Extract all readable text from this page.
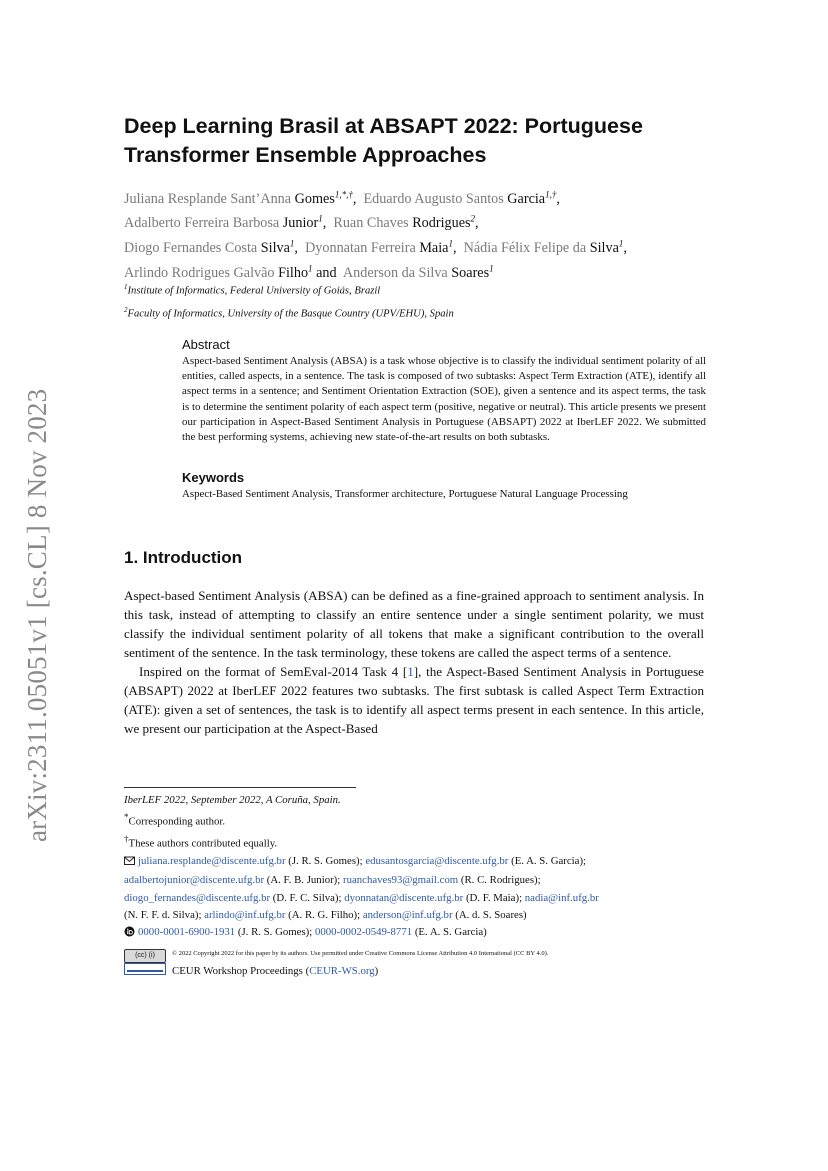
arXiv:2311.05051v1 [cs.CL] 8 Nov 2023
Deep Learning Brasil at ABSAPT 2022: Portuguese Transformer Ensemble Approaches
Juliana Resplande Sant’Anna Gomes$^{1,*,\dagger}$, Eduardo Augusto Santos Garcia$^{1,\dagger}$,
Adalberto Ferreira Barbosa Junior$^1$, Ruan Chaves Rodrigues$^2$,
Diogo Fernandes Costa Silva$^1$, Dyonnatan Ferreira Maia$^1$, Nádia Félix Felipe da Silva$^1$,
Arlindo Rodrigues Galvão Filho$^1$ and Anderson da Silva Soares$^1$
$^1$Institute of Informatics, Federal University of Goiás, Brazil
$^2$Faculty of Informatics, University of the Basque Country (UPV/EHU), Spain
Abstract

Aspect-based Sentiment Analysis (ABSA) is a task whose objective is to classify the individual sentiment polarity of all entities, called aspects, in a sentence. The task is composed of two subtasks: Aspect Term Extraction (ATE), identify all aspect terms in a sentence; and Sentiment Orientation Extraction (SOE), given a sentence and its aspect terms, the task is to determine the sentiment polarity of each aspect term (positive, negative or neutral). This article presents we present our participation in Aspect-Based Sentiment Analysis in Portuguese (ABSAPT) 2022 at IberLEF 2022. We submitted the best performing systems, achieving new state-of-the-art results on both subtasks.

Keywords

Aspect-Based Sentiment Analysis, Transformer architecture, Portuguese Natural Language Processing

1. Introduction

Aspect-based Sentiment Analysis (ABSA) can be defined as a fine-grained approach to sentiment analysis. In this task, instead of attempting to classify an entire sentence under a single sentiment polarity, we must classify the individual sentiment polarity of all tokens that make a significant contribution to the overall sentiment of the sentence. In the task terminology, these tokens are called the aspect terms of a sentence.

Inspired on the format of SemEval-2014 Task 4 [1], the Aspect-Based Sentiment Analysis in Portuguese (ABSAPT) 2022 at IberLEF 2022 features two subtasks. The first subtask is called Aspect Term Extraction (ATE): given a set of sentences, the task is to identify all aspect terms present in each sentence. In this article, we present our participation at the Aspect-Based

IberLEF 2022, September 2022, A Coruña, Spain.
*Corresponding author.
†These authors contributed equally.
juliana.resplande@discente.ufg.br (J. R. S. Gomes); edusantosgarcia@discente.ufg.br (E. A. S. Garcia);
adalbertojunior@discente.ufg.br (A. F. B. Junior); ruanchaves93@gmail.com (R. C. Rodrigues);
diogo_fernandes@discente.ufg.br (D. F. C. Silva); dyonnatan@discente.ufg.br (D. F. Maia); nadia@inf.ufg.br
(N. F. F. d. Silva); arlindo@inf.ufg.br (A. R. G. Filho); anderson@inf.ufg.br (A. d. S. Soares)
0000-0001-6900-1931 (J. R. S. Gomes); 0000-0002-0549-8771 (E. A. S. Garcia)
(cc) (i)	© 2022 Copyright 2022 for this paper by its authors. Use permitted under Creative Commons License Attribution 4.0 International (CC BY 4.0).
CEUR Workshop Proceedings (CEUR-WS.org)
